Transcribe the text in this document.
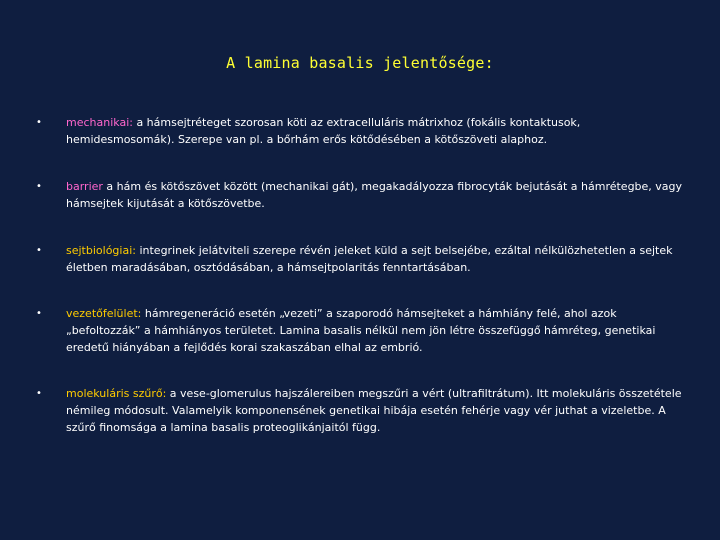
A lamina basalis jelentősége:
• mechanikai: a hámsejtréteget szorosan köti az extracelluláris mátrixhoz (fokális kontaktusok, hemidesmosomák). Szerepe van pl. a bőrhám erős kötődésében a kötőszöveti alaphoz.
• barrier a hám és kötőszövet között (mechanikai gát), megakadályozza fibrocyták bejutását a hámrétegbe, vagy hámsejtek kijutását a kötőszövetbe.
• sejtbiológiai: integrinek jelátviteli szerepe révén jeleket küld a sejt belsejébe, ezáltal nélkülözhetetlen a sejtek életben maradásában, osztódásában, a hámsejtpolaritás fenntartásában.
• vezetőfelület: hámregeneráció esetén „vezeti” a szaporodó hámsejteket a hámhiány felé, ahol azok „befoltozzák” a hámhiányos területet. Lamina basalis nélkül nem jön létre összefüggő hámréteg, genetikai eredetű hiányában a fejlődés korai szakaszában elhal az embrió.
• molekuláris szűrő: a vese-glomerulus hajszálereiben megszűri a vért (ultrafiltrátum). Itt molekuláris összetétele némileg módosult. Valamelyik komponensének genetikai hibája esetén fehérje vagy vér juthat a vizeletbe. A szűrő finomsága a lamina basalis proteoglikánjaitól függ.
